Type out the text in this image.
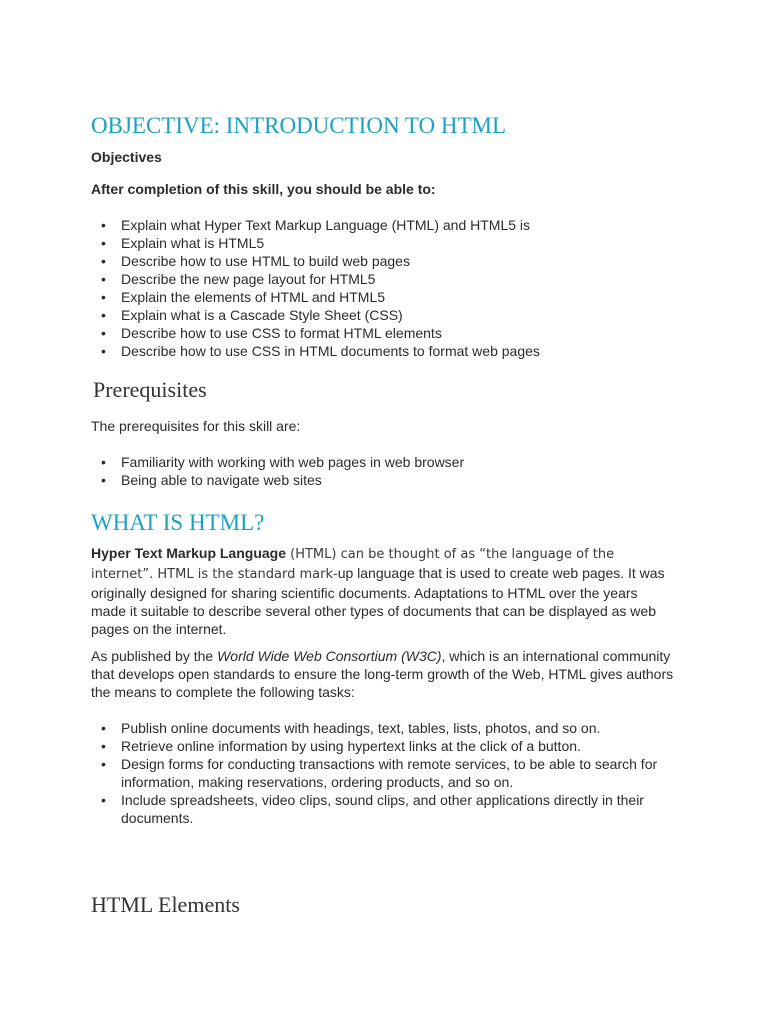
OBJECTIVE: INTRODUCTION TO HTML

Objectives

After completion of this skill, you should be able to:

• Explain what Hyper Text Markup Language (HTML) and HTML5 is
• Explain what is HTML5
• Describe how to use HTML to build web pages
• Describe the new page layout for HTML5
• Explain the elements of HTML and HTML5
• Explain what is a Cascade Style Sheet (CSS)
• Describe how to use CSS to format HTML elements
• Describe how to use CSS in HTML documents to format web pages
Prerequisites

The prerequisites for this skill are:

• Familiarity with working with web pages in web browser
• Being able to navigate web sites
WHAT IS HTML?

Hyper Text Markup Language (HTML) can be thought of as “the language of the internet”. HTML is the standard mark-up language that is used to create web pages. It was originally designed for sharing scientific documents. Adaptations to HTML over the years made it suitable to describe several other types of documents that can be displayed as web pages on the internet.

As published by the World Wide Web Consortium (W3C), which is an international community that develops open standards to ensure the long-term growth of the Web, HTML gives authors the means to complete the following tasks:

• Publish online documents with headings, text, tables, lists, photos, and so on.
• Retrieve online information by using hypertext links at the click of a button.
• Design forms for conducting transactions with remote services, to be able to search for information, making reservations, ordering products, and so on.
• Include spreadsheets, video clips, sound clips, and other applications directly in their documents.
HTML Elements
